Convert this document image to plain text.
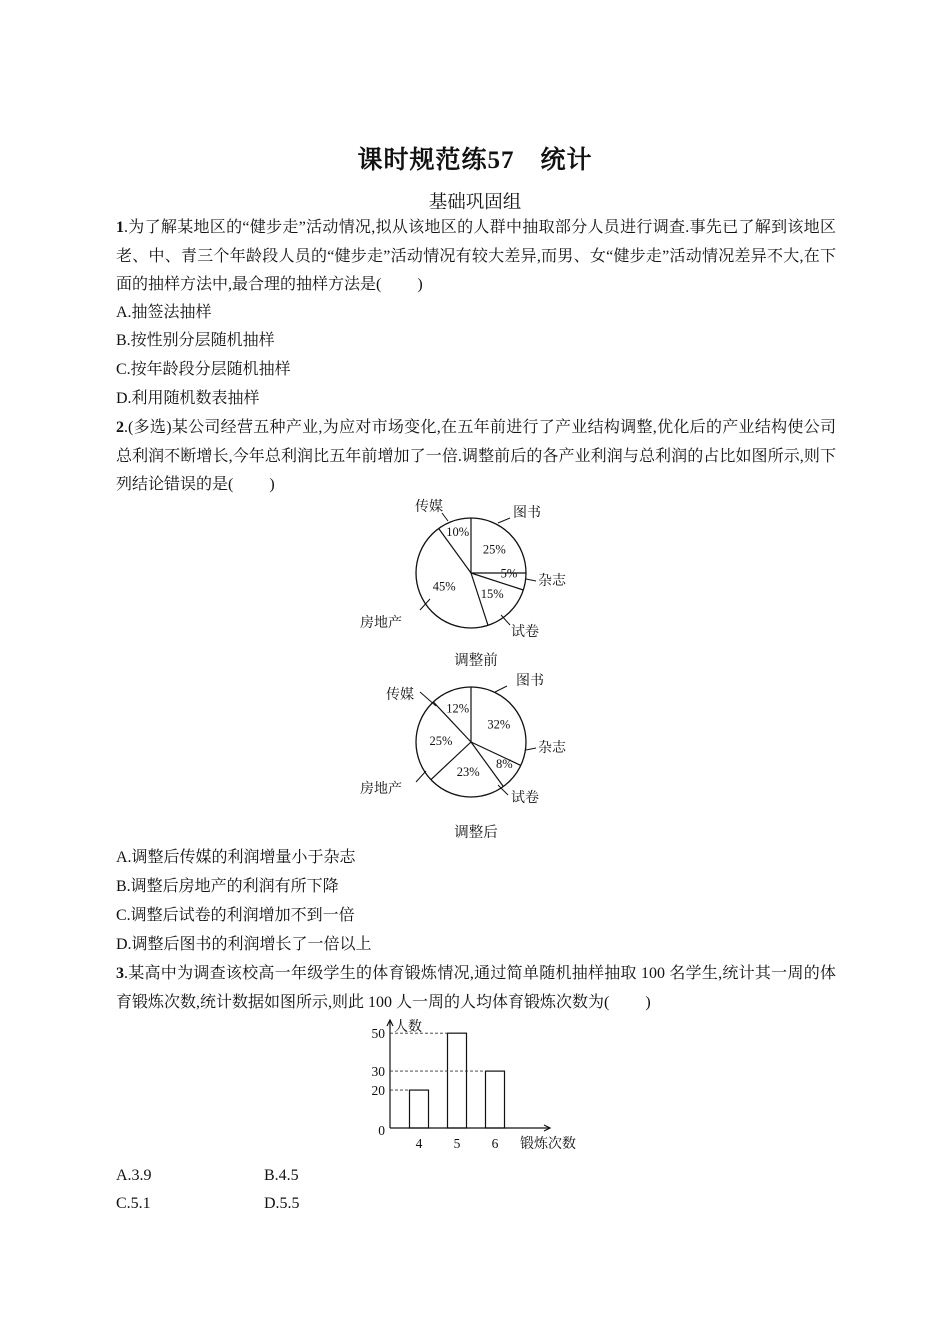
课时规范练57　统计
基础巩固组
1.为了解某地区的“健步走”活动情况,拟从该地区的人群中抽取部分人员进行调查.事先已了解到该地区老、中、青三个年龄段人员的“健步走”活动情况有较大差异,而男、女“健步走”活动情况差异不大,在下面的抽样方法中,最合理的抽样方法是( )
A.抽签法抽样
B.按性别分层随机抽样
C.按年龄段分层随机抽样
D.利用随机数表抽样
2.(多选)某公司经营五种产业,为应对市场变化,在五年前进行了产业结构调整,优化后的产业结构使公司总利润不断增长,今年总利润比五年前增加了一倍.调整前后的各产业利润与总利润的占比如图所示,则下列结论错误的是( )
25%
图书
5%
杂志
15%
试卷
45%
房地产
10%
传媒
调整前
32%
图书
8%
杂志
23%
试卷
25%
房地产
12%
传媒
调整后
A.调整后传媒的利润增量小于杂志
B.调整后房地产的利润有所下降
C.调整后试卷的利润增加不到一倍
D.调整后图书的利润增长了一倍以上
3.某高中为调查该校高一年级学生的体育锻炼情况,通过简单随机抽样抽取 100 名学生,统计其一周的体育锻炼次数,统计数据如图所示,则此 100 人一周的人均体育锻炼次数为( )
人数
锻炼次数
4 5 6
0
20
30
50
A.3.9	B.4.5
C.5.1	D.5.5
